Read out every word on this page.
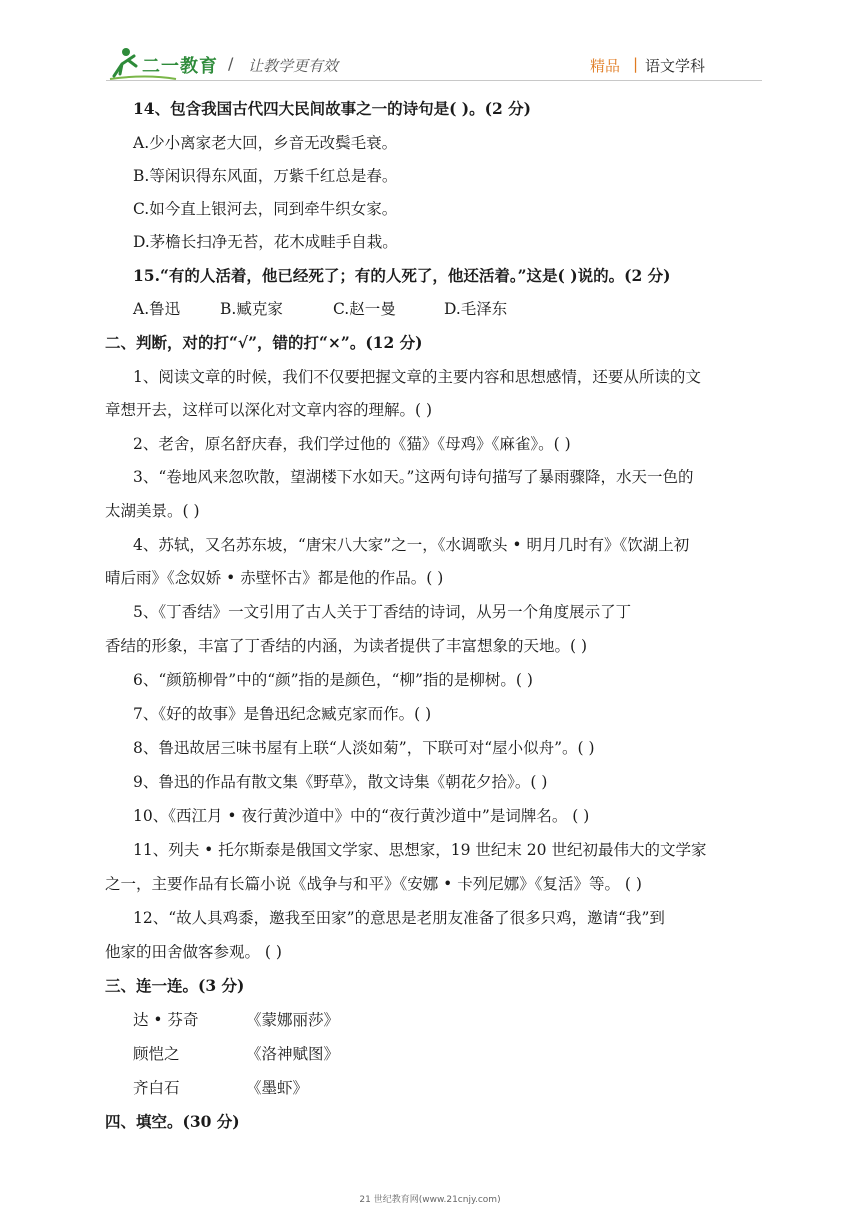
二一教育 / 让教学更有效	精品 | 语文学科
14、包含我国古代四大民间故事之一的诗句是( )。(2 分)
A.少小离家老大回，乡音无改鬓毛衰。
B.等闲识得东风面，万紫千红总是春。
C.如今直上银河去，同到牵牛织女家。
D.茅檐长扫净无苔，花木成畦手自栽。
15.“有的人活着，他已经死了；有的人死了，他还活着。”这是( )说的。(2 分)
A.鲁迅	B.臧克家	C.赵一曼	D.毛泽东
二、判断，对的打“√”，错的打“×”。(12 分)
1、阅读文章的时候，我们不仅要把握文章的主要内容和思想感情，还要从所读的文
章想开去，这样可以深化对文章内容的理解。( )
2、老舍，原名舒庆春，我们学过他的《猫》《母鸡》《麻雀》。( )
3、“卷地风来忽吹散，望湖楼下水如天。”这两句诗句描写了暴雨骤降，水天一色的
太湖美景。( )
4、苏轼，又名苏东坡，“唐宋八大家”之一，《水调歌头 • 明月几时有》《饮湖上初
晴后雨》《念奴娇 • 赤壁怀古》都是他的作品。( )
5、《丁香结》一文引用了古人关于丁香结的诗词，从另一个角度展示了丁
香结的形象，丰富了丁香结的内涵，为读者提供了丰富想象的天地。( )
6、“颜筋柳骨”中的“颜”指的是颜色，“柳”指的是柳树。( )
7、《好的故事》是鲁迅纪念臧克家而作。( )
8、鲁迅故居三味书屋有上联“人淡如菊”，下联可对“屋小似舟”。( )
9、鲁迅的作品有散文集《野草》，散文诗集《朝花夕拾》。( )
10、《西江月 • 夜行黄沙道中》中的“夜行黄沙道中”是词牌名。 ( )
11、列夫 • 托尔斯泰是俄国文学家、思想家，19 世纪末 20 世纪初最伟大的文学家
之一，主要作品有长篇小说《战争与和平》《安娜 • 卡列尼娜》《复活》等。 ( )
12、“故人具鸡黍，邀我至田家”的意思是老朋友准备了很多只鸡，邀请“我”到
他家的田舍做客参观。 ( )
三、连一连。(3 分)
达 • 芬奇	《蒙娜丽莎》
顾恺之	《洛神赋图》
齐白石	《墨虾》
四、填空。(30 分)
21 世纪教育网(www.21cnjy.com)
